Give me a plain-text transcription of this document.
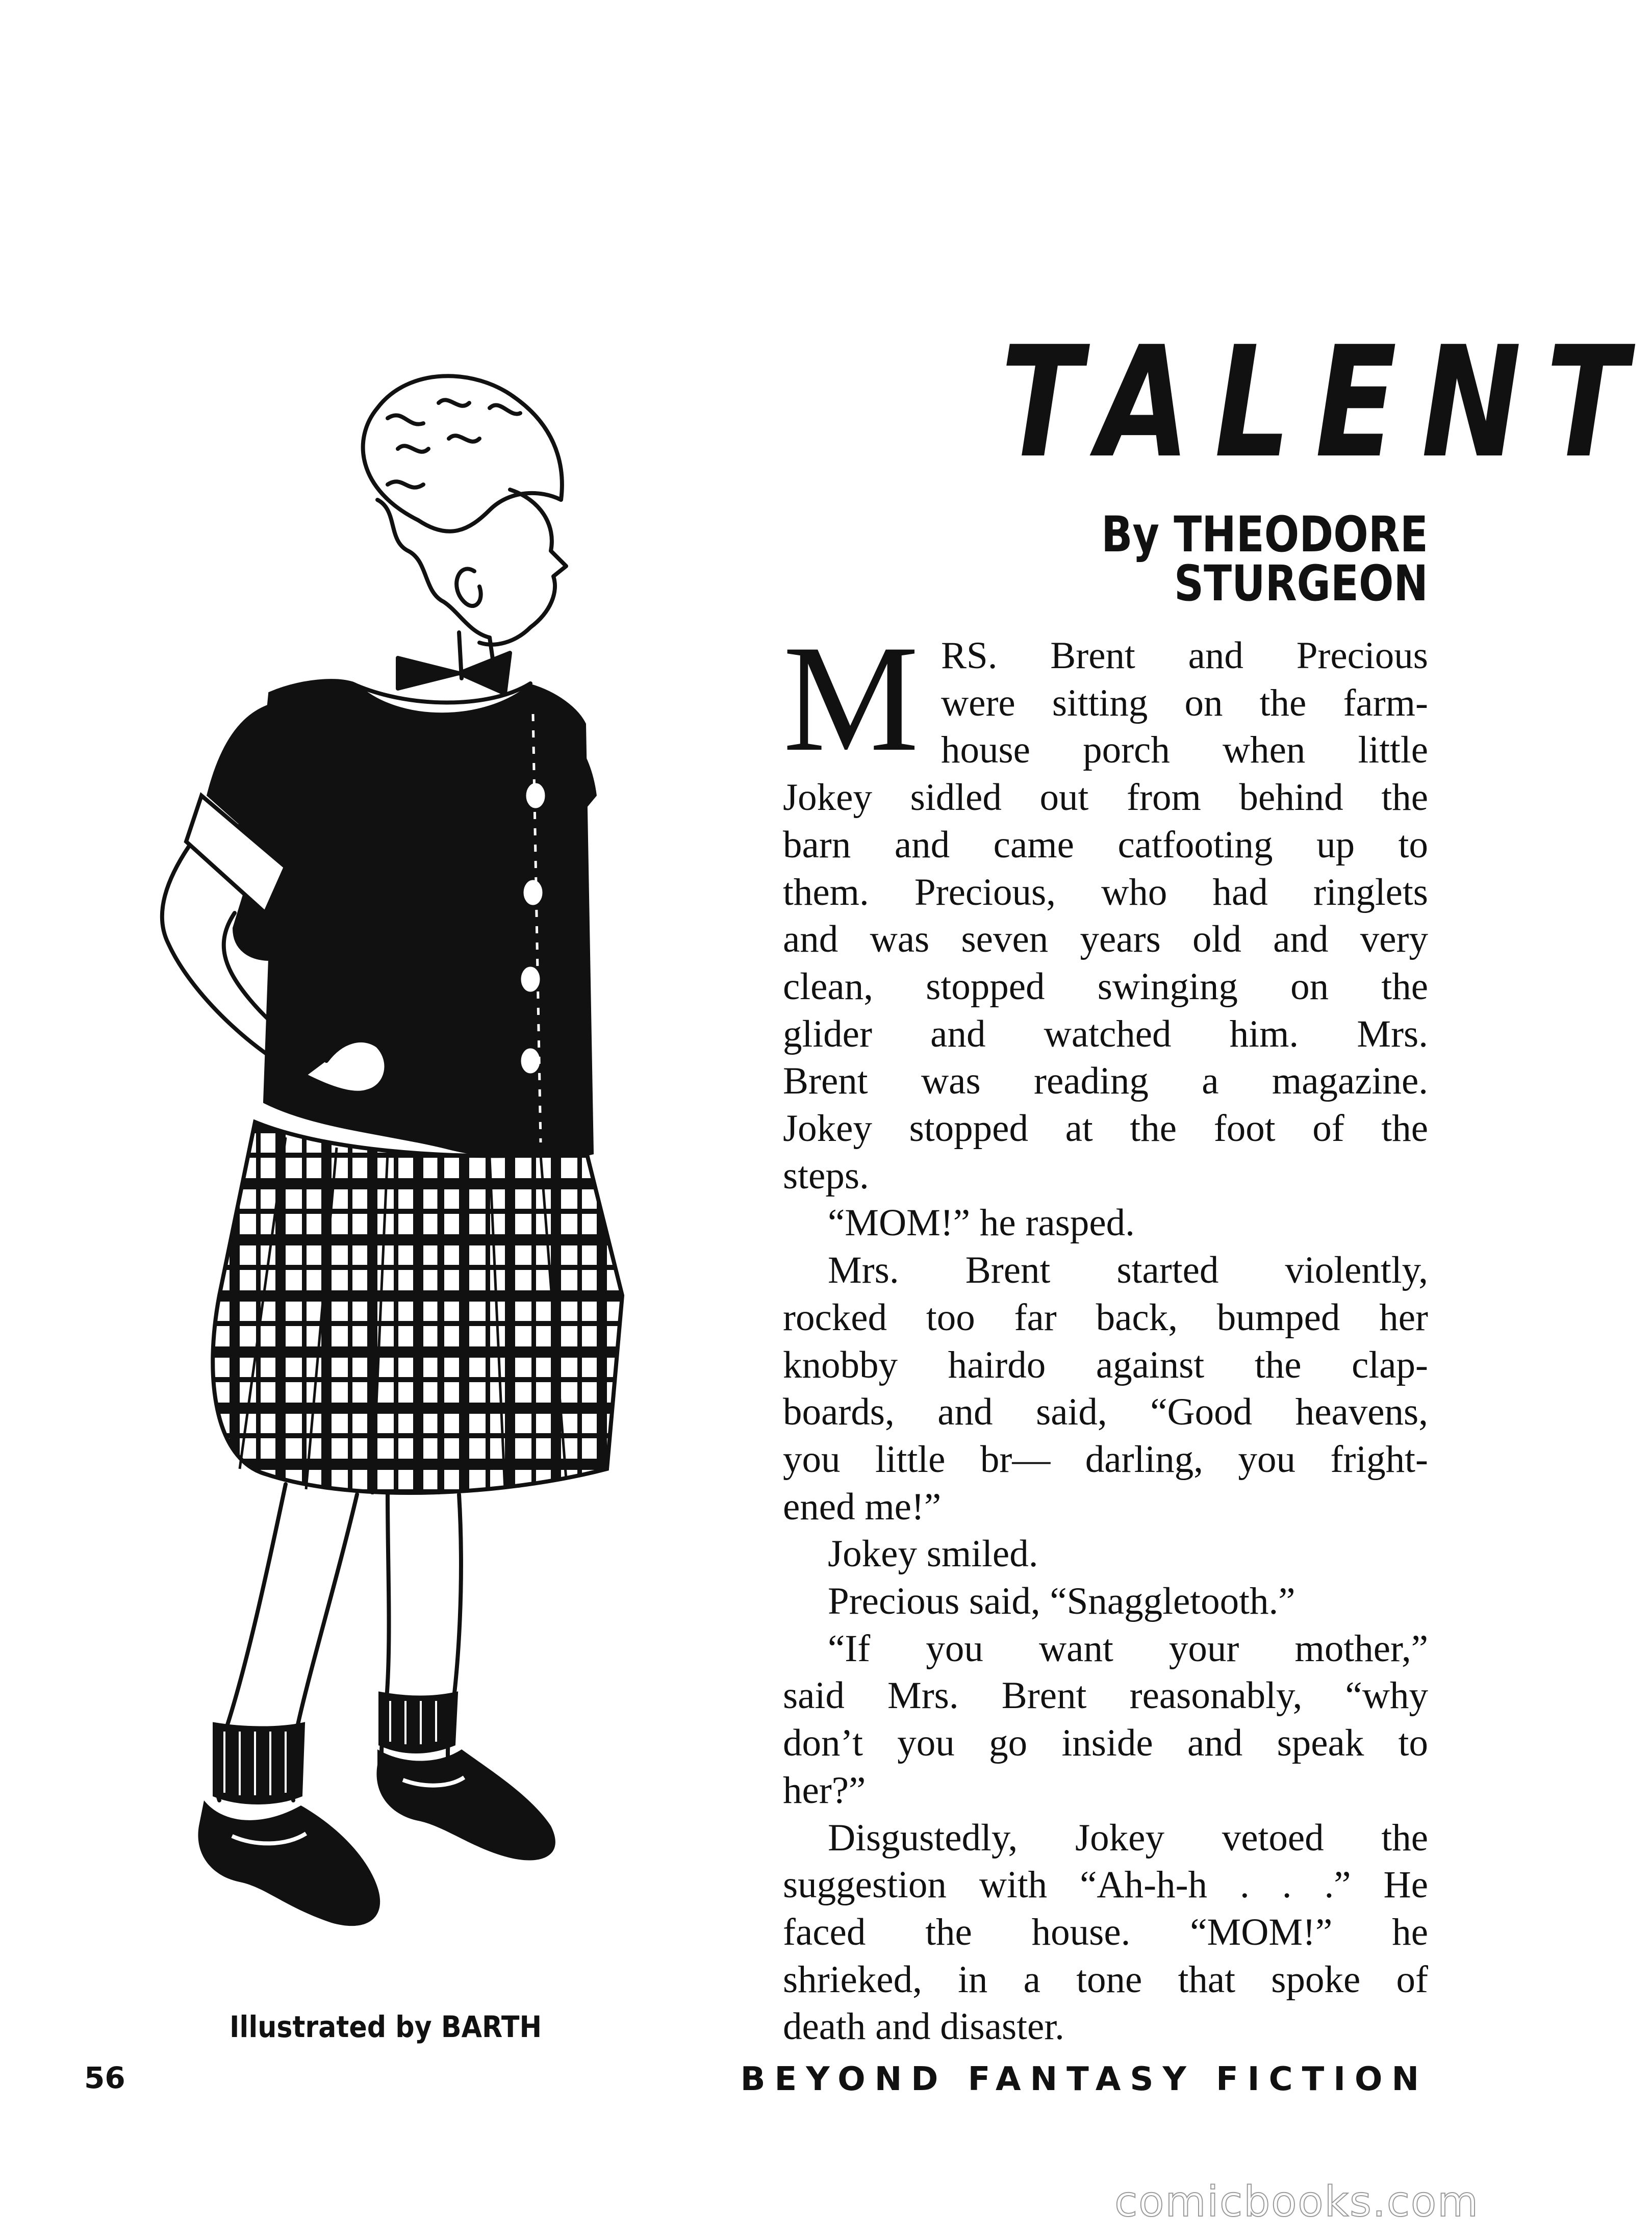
TALENT
By THEODORE STURGEON
M RS. Brent and Precious
were sitting on the farm-
house porch when little

Jokey sidled out from behind the
barn and came catfooting up to
them. Precious, who had ringlets
and was seven years old and very
clean, stopped swinging on the
glider and watched him. Mrs.
Brent was reading a magazine.
Jokey stopped at the foot of the
steps.

“MOM!” he rasped.

Mrs. Brent started violently,
rocked too far back, bumped her
knobby hairdo against the clap-
boards, and said, “Good heavens,
you little br— darling, you fright-
ened me!”

Jokey smiled.

Precious said, “Snaggletooth.”

“If you want your mother,”
said Mrs. Brent reasonably, “why
don’t you go inside and speak to
her?”

Disgustedly, Jokey vetoed the
suggestion with “Ah-h-h . . .” He
faced the house. “MOM!” he
shrieked, in a tone that spoke of
death and disaster.

Illustrated by BARTH
56	BEYOND FANTASY FICTION
comicbooks.com
